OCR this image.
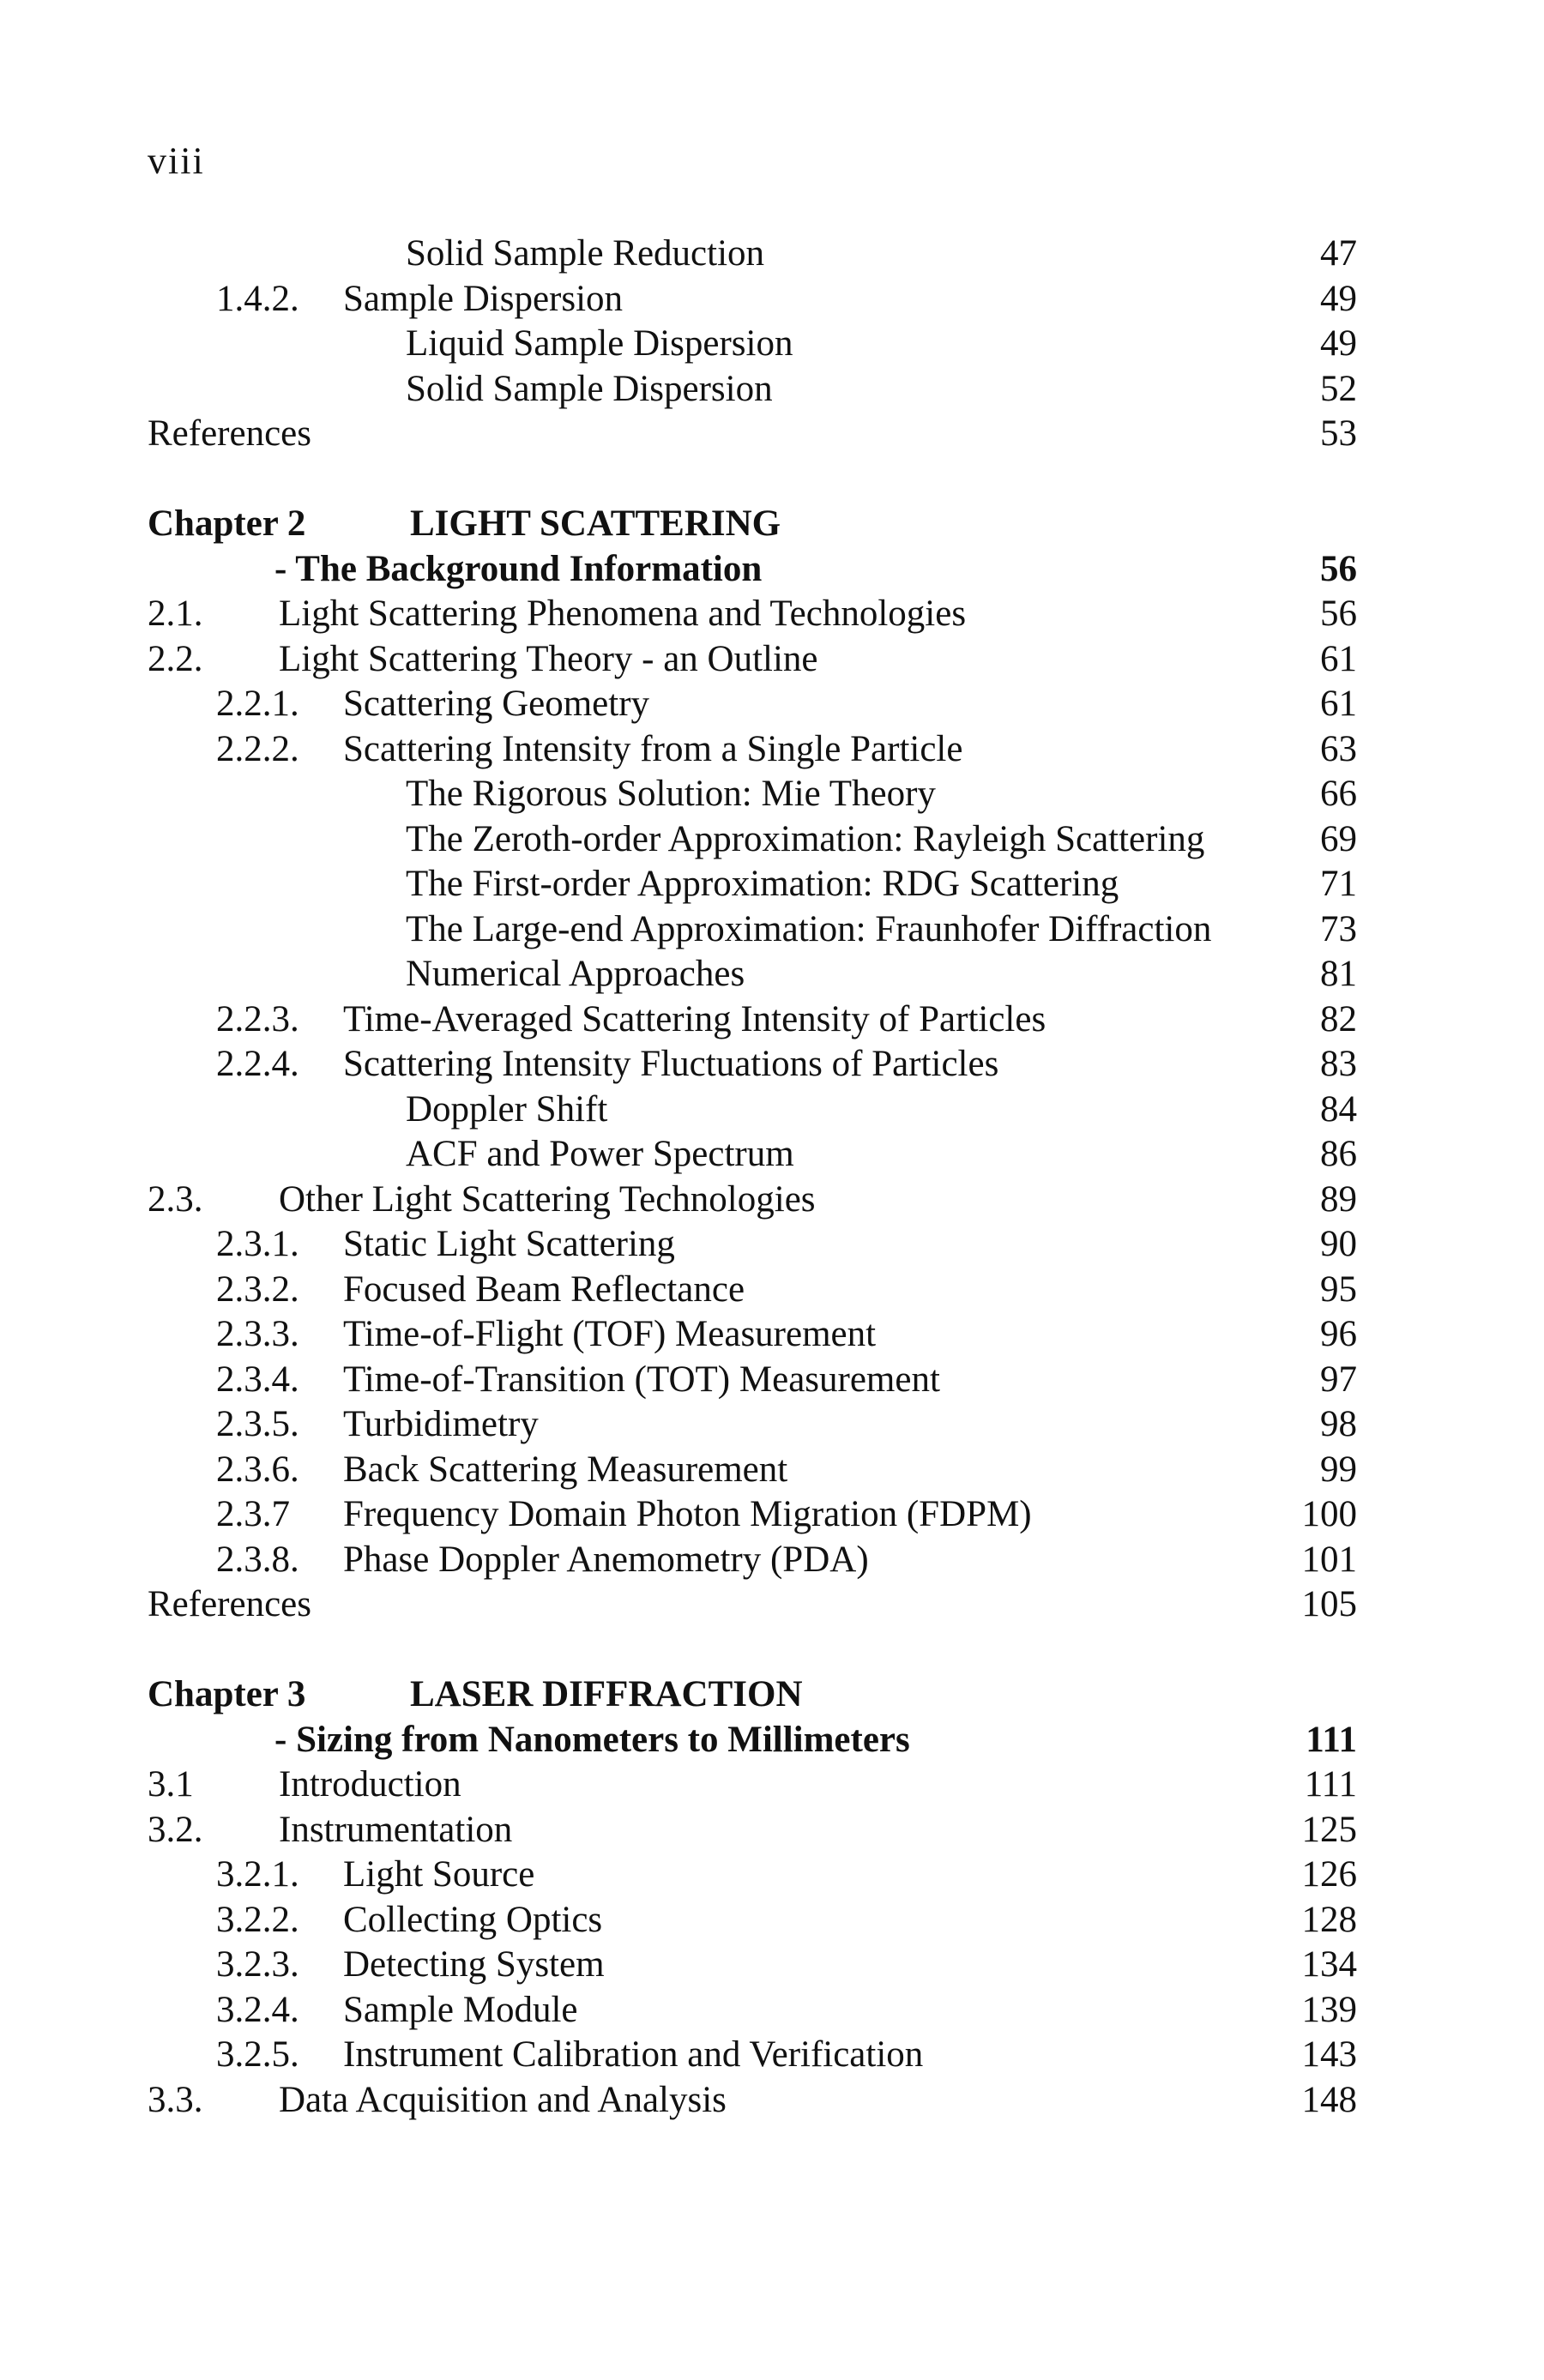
viii
Solid Sample Reduction	47
1.4.2. Sample Dispersion	49
Liquid Sample Dispersion	49
Solid Sample Dispersion	52
References	53
Chapter 2	LIGHT SCATTERING
- The Background Information	56
2.1. Light Scattering Phenomena and Technologies	56
2.2. Light Scattering Theory - an Outline	61
2.2.1. Scattering Geometry	61
2.2.2. Scattering Intensity from a Single Particle	63
The Rigorous Solution: Mie Theory	66
The Zeroth-order Approximation: Rayleigh Scattering	69
The First-order Approximation: RDG Scattering	71
The Large-end Approximation: Fraunhofer Diffraction	73
Numerical Approaches	81
2.2.3. Time-Averaged Scattering Intensity of Particles	82
2.2.4. Scattering Intensity Fluctuations of Particles	83
Doppler Shift	84
ACF and Power Spectrum	86
2.3. Other Light Scattering Technologies	89
2.3.1. Static Light Scattering	90
2.3.2. Focused Beam Reflectance	95
2.3.3. Time-of-Flight (TOF) Measurement	96
2.3.4. Time-of-Transition (TOT) Measurement	97
2.3.5. Turbidimetry	98
2.3.6. Back Scattering Measurement	99
2.3.7 Frequency Domain Photon Migration (FDPM)	100
2.3.8. Phase Doppler Anemometry (PDA)	101
References	105
Chapter 3	LASER DIFFRACTION
- Sizing from Nanometers to Millimeters	111
3.1 Introduction	111
3.2. Instrumentation	125
3.2.1. Light Source	126
3.2.2. Collecting Optics	128
3.2.3. Detecting System	134
3.2.4. Sample Module	139
3.2.5. Instrument Calibration and Verification	143
3.3. Data Acquisition and Analysis	148
